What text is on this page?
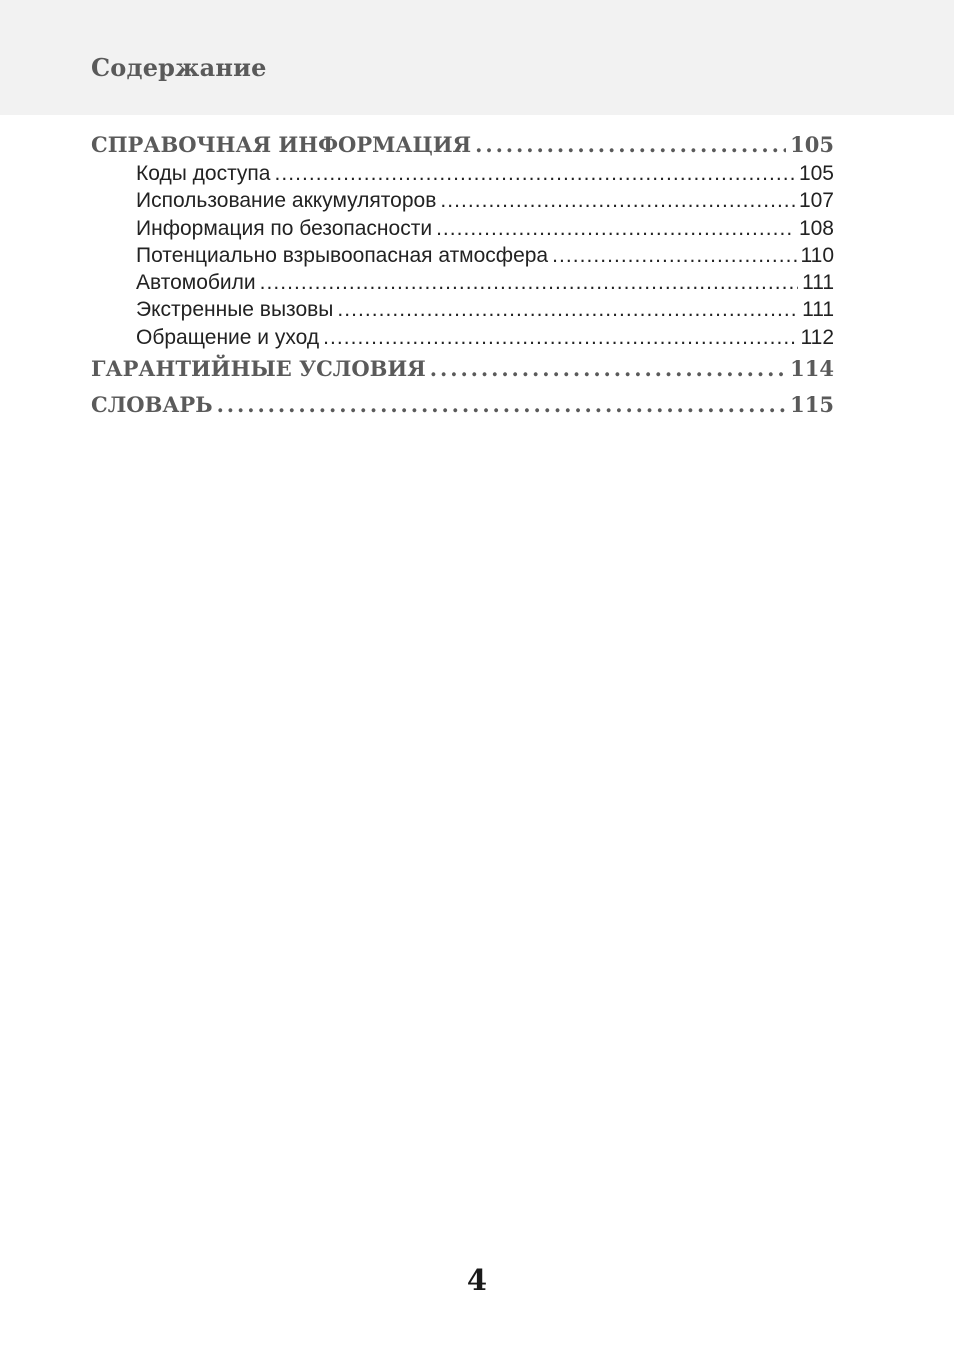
Содержание
СПРАВОЧНАЯ ИНФОРМАЦИЯ . . .	105
Коды доступа . . .	105
Использование аккумуляторов . . .	107
Информация по безопасности . . .	108
Потенциально взрывоопасная атмосфера . . .	110
Автомобили . . .	111
Экстренные вызовы . . .	111
Обращение и уход . . .	112
ГАРАНТИЙНЫЕ УСЛОВИЯ . . .	114
СЛОВАРЬ . . .	115
4
